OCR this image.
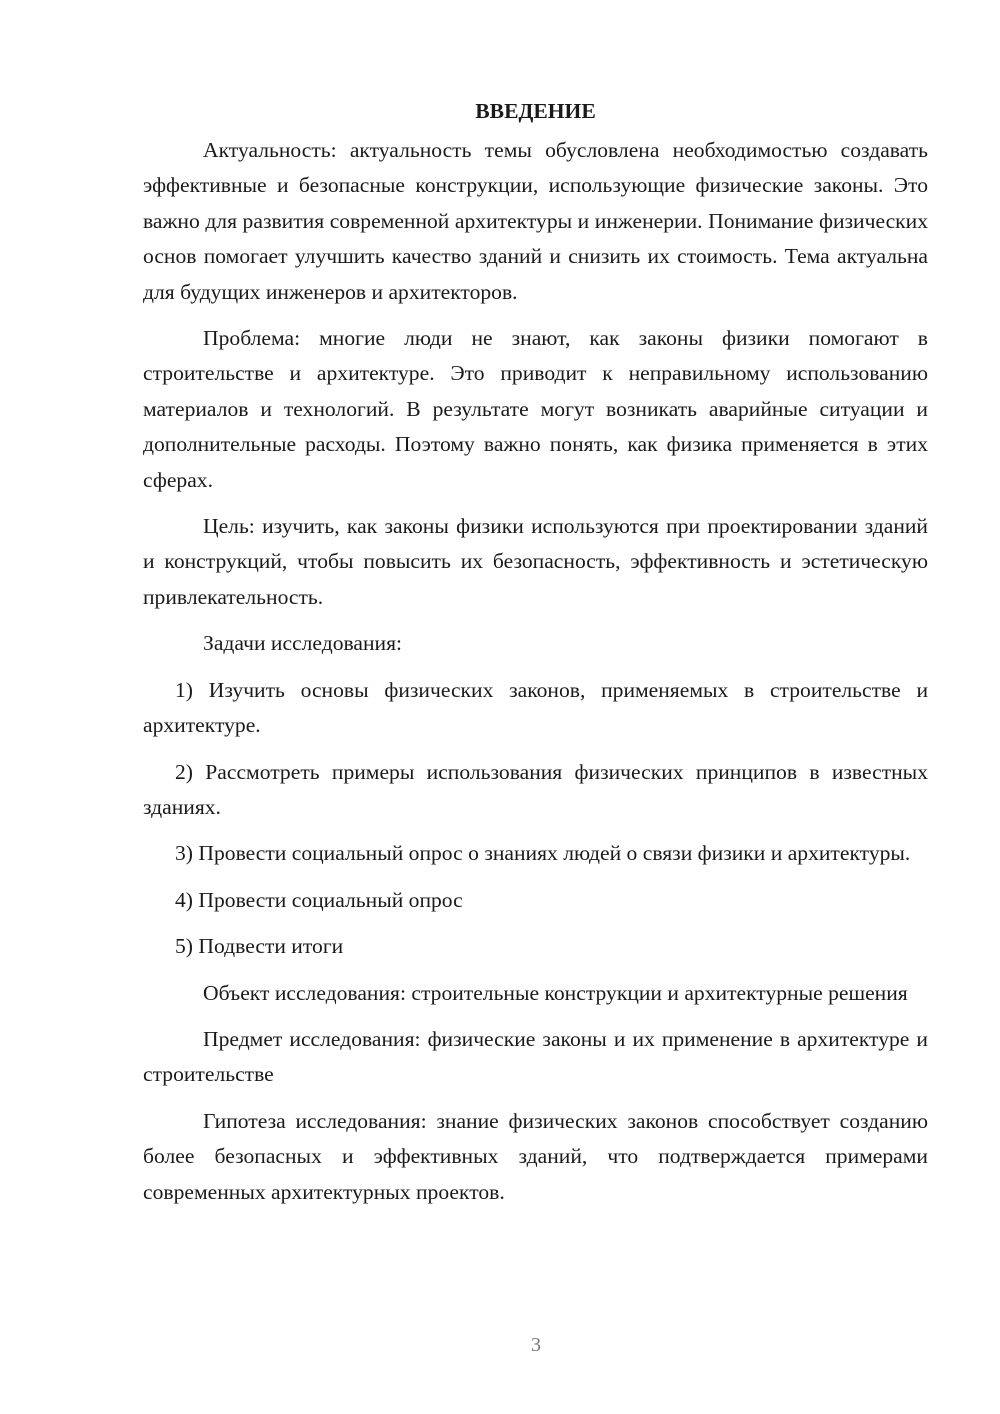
ВВЕДЕНИЕ

Актуальность: актуальность темы обусловлена необходимостью создавать эффективные и безопасные конструкции, использующие физические законы. Это важно для развития современной архитектуры и инженерии. Понимание физических основ помогает улучшить качество зданий и снизить их стоимость. Тема актуальна для будущих инженеров и архитекторов.

Проблема: многие люди не знают, как законы физики помогают в строительстве и архитектуре. Это приводит к неправильному использованию материалов и технологий. В результате могут возникать аварийные ситуации и дополнительные расходы. Поэтому важно понять, как физика применяется в этих сферах.

Цель: изучить, как законы физики используются при проектировании зданий и конструкций, чтобы повысить их безопасность, эффективность и эстетическую привлекательность.

Задачи исследования:

1) Изучить основы физических законов, применяемых в строительстве и архитектуре.

2) Рассмотреть примеры использования физических принципов в известных зданиях.

3) Провести социальный опрос о знаниях людей о связи физики и архитектуры.

4) Провести социальный опрос

5) Подвести итоги

Объект исследования: строительные конструкции и архитектурные решения

Предмет исследования: физические законы и их применение в архитектуре и строительстве

Гипотеза исследования: знание физических законов способствует созданию более безопасных и эффективных зданий, что подтверждается примерами современных архитектурных проектов.

3
